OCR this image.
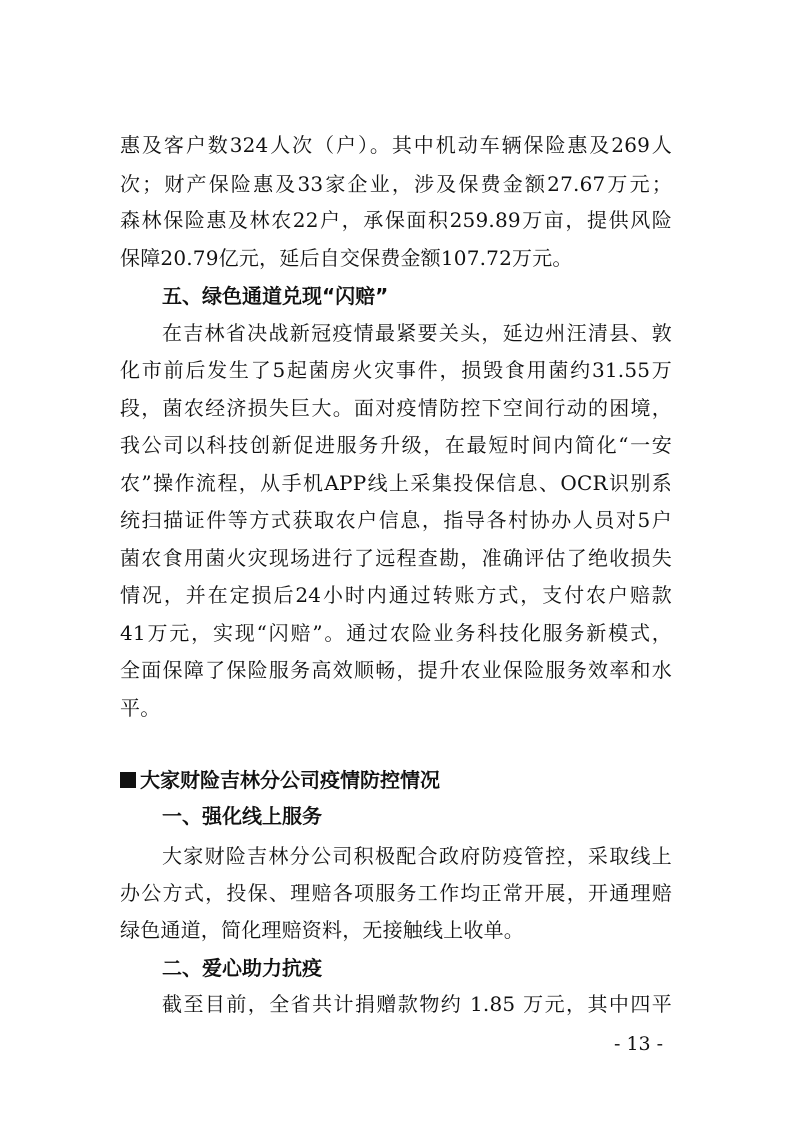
惠及客户数324人次（户）。其中机动车辆保险惠及269人
次；财产保险惠及33家企业，涉及保费金额27.67万元；
森林保险惠及林农22户，承保面积259.89万亩，提供风险
保障20.79亿元，延后自交保费金额107.72万元。
五、绿色通道兑现“闪赔”
在吉林省决战新冠疫情最紧要关头，延边州汪清县、敦
化市前后发生了5起菌房火灾事件，损毁食用菌约31.55万
段，菌农经济损失巨大。面对疫情防控下空间行动的困境，
我公司以科技创新促进服务升级，在最短时间内简化“一安
农”操作流程，从手机APP线上采集投保信息、OCR识别系
统扫描证件等方式获取农户信息，指导各村协办人员对5户
菌农食用菌火灾现场进行了远程查勘，准确评估了绝收损失
情况，并在定损后24小时内通过转账方式，支付农户赔款
41万元，实现“闪赔”。通过农险业务科技化服务新模式，
全面保障了保险服务高效顺畅，提升农业保险服务效率和水
平。
大家财险吉林分公司疫情防控情况
一、强化线上服务
大家财险吉林分公司积极配合政府防疫管控，采取线上
办公方式，投保、理赔各项服务工作均正常开展，开通理赔
绿色通道，简化理赔资料，无接触线上收单。
二、爱心助力抗疫
截至目前，全省共计捐赠款物约 1.85 万元，其中四平
- 13 -
